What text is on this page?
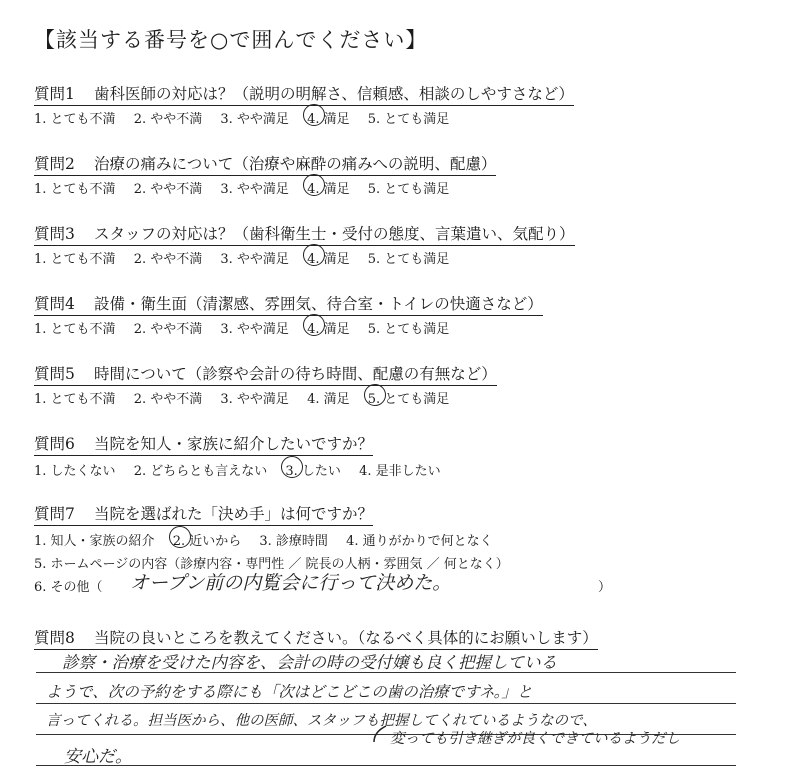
【該当する番号を○で囲んでください】
質問1 歯科医師の対応は？（説明の明解さ、信頼感、相談のしやすさなど）
1. とても不満 2. やや不満 3. やや満足 4. 満足 5. とても満足
質問2 治療の痛みについて（治療や麻酔の痛みへの説明、配慮）
1. とても不満 2. やや不満 3. やや満足 4. 満足 5. とても満足
質問3 スタッフの対応は？（歯科衛生士・受付の態度、言葉遣い、気配り）
1. とても不満 2. やや不満 3. やや満足 4. 満足 5. とても満足
質問4 設備・衛生面（清潔感、雰囲気、待合室・トイレの快適さなど）
1. とても不満 2. やや不満 3. やや満足 4. 満足 5. とても満足
質問5 時間について（診察や会計の待ち時間、配慮の有無など）
1. とても不満 2. やや不満 3. やや満足 4. 満足 5. とても満足
質問6 当院を知人・家族に紹介したいですか？
1. したくない 2. どちらとも言えない 3. したい 4. 是非したい
質問7 当院を選ばれた「決め手」は何ですか？
1. 知人・家族の紹介 2. 近いから 3. 診療時間 4. 通りがかりで何となく
5. ホームページの内容（診療内容・専門性 ／ 院長の人柄・雰囲気 ／ 何となく）
6. その他（ オープン前の内覧会に行って決めた。	）
質問8 当院の良いところを教えてください。（なるべく具体的にお願いします）
診察・治療を受けた内容を、会計の時の受付嬢も良く把握している
ようで、次の予約をする際にも「次はどこどこの歯の治療ですネ。」と
言ってくれる。担当医から、他の医師、スタッフも把握してくれているようなので、
変っても引き継ぎが良くできているようだし
安心だ。
